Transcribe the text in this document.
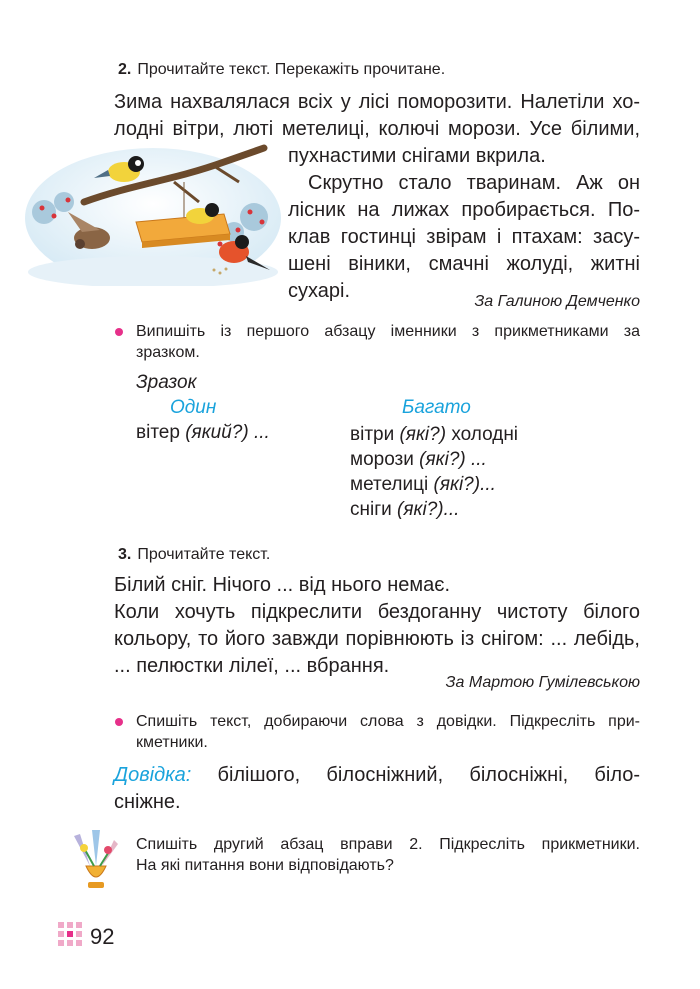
2. Прочитайте текст. Перекажіть прочитане.
Зима нахвалялася всіх у лісі поморозити. Налетіли хо-
лодні вітри, люті метелиці, колючі морози. Усе білими,
пухнастими снігами вкрила.
Скрутно стало тваринам. Аж он
лісник на лижах пробирається. По-
клав гостинці звірам і птахам: засу-
шені віники, смачні жолуді, житні
сухарі.	За Галиною Демченко
Випишіть із першого абзацу іменники з прикметниками за
зразком.
Зразок
Один	Багато
вітер (який?) ...	вітри (які?) холодні
морози (які?) ...
метелиці (які?)...
сніги (які?)...
3. Прочитайте текст.
Білий сніг. Нічого ... від нього немає.
Коли хочуть підкреслити бездоганну чистоту білого
кольору, то його завжди порівнюють із снігом: ... лебідь,
... пелюстки лілеї, ... вбрання.
За Мартою Гумілевською
Спишіть текст, добираючи слова з довідки. Підкресліть при-
кметники.
Довідка: білішого, білосніжний, білосніжні, біло-
сніжне.
Спишіть другий абзац вправи 2. Підкресліть прикметники.
На які питання вони відповідають?
92
